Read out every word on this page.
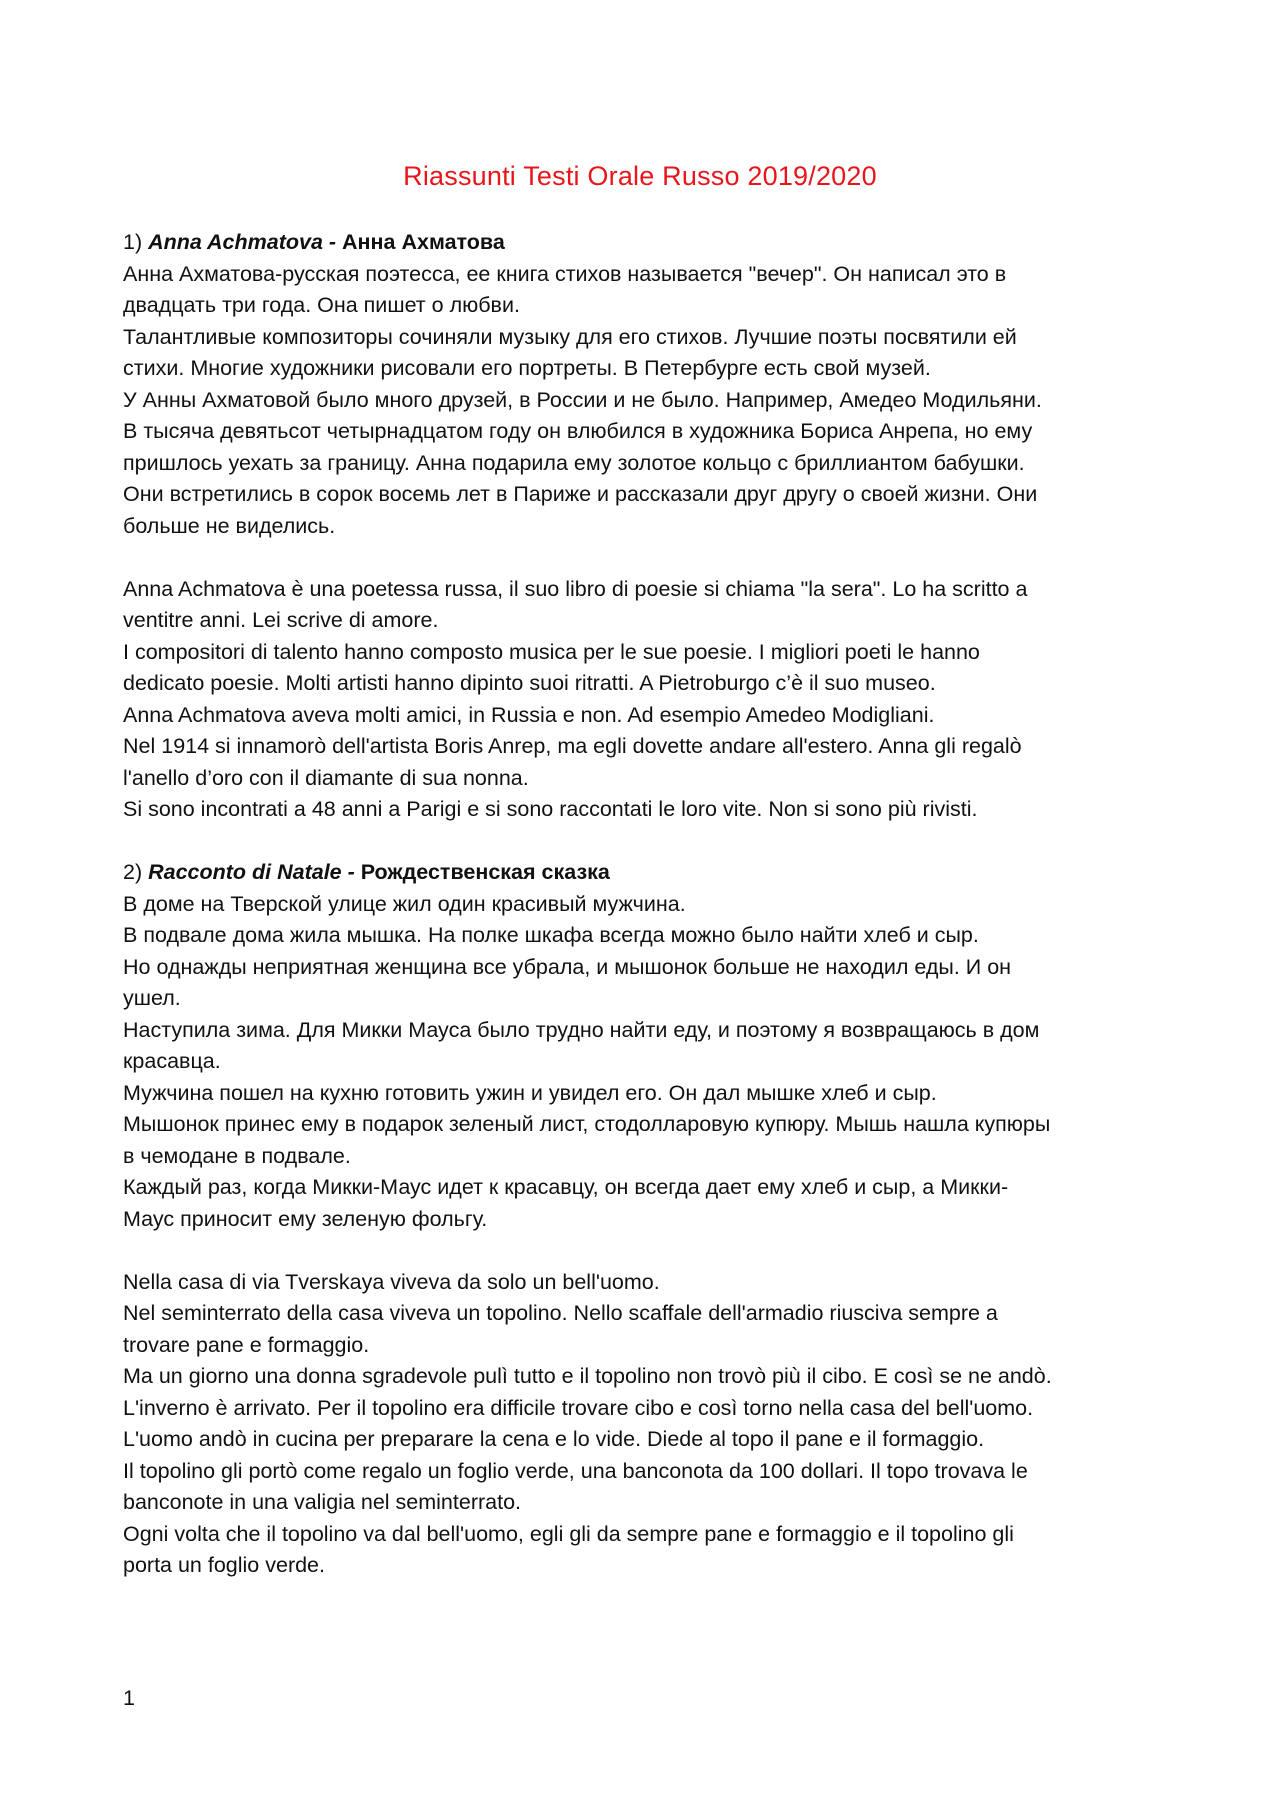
Riassunti Testi Orale Russo 2019/2020
1) Anna Achmatova - Анна Ахматова
Анна Ахматова-русская поэтесса, ее книга стихов называется "вечер". Он написал это в
двадцать три года. Она пишет о любви.
Талантливые композиторы сочиняли музыку для его стихов. Лучшие поэты посвятили ей
стихи. Многие художники рисовали его портреты. В Петербурге есть свой музей.
У Анны Ахматовой было много друзей, в России и не было. Например, Амедео Модильяни.
В тысяча девятьсот четырнадцатом году он влюбился в художника Бориса Анрепа, но ему
пришлось уехать за границу. Анна подарила ему золотое кольцо с бриллиантом бабушки.
Они встретились в сорок восемь лет в Париже и рассказали друг другу о своей жизни. Они
больше не виделись.
Anna Achmatova è una poetessa russa, il suo libro di poesie si chiama "la sera". Lo ha scritto a
ventitre anni. Lei scrive di amore.
I compositori di talento hanno composto musica per le sue poesie. I migliori poeti le hanno
dedicato poesie. Molti artisti hanno dipinto suoi ritratti. A Pietroburgo c’è il suo museo.
Anna Achmatova aveva molti amici, in Russia e non. Ad esempio Amedeo Modigliani.
Nel 1914 si innamorò dell'artista Boris Anrep, ma egli dovette andare all'estero. Anna gli regalò
l'anello d’oro con il diamante di sua nonna.
Si sono incontrati a 48 anni a Parigi e si sono raccontati le loro vite. Non si sono più rivisti.
2) Racconto di Natale - Рождественская сказка
В доме на Тверской улице жил один красивый мужчина.
В подвале дома жила мышка. На полке шкафа всегда можно было найти хлеб и сыр.
Но однажды неприятная женщина все убрала, и мышонок больше не находил еды. И он
ушел.
Наступила зима. Для Микки Мауса было трудно найти еду, и поэтому я возвращаюсь в дом
красавца.
Мужчина пошел на кухню готовить ужин и увидел его. Он дал мышке хлеб и сыр.
Мышонок принес ему в подарок зеленый лист, стодолларовую купюру. Мышь нашла купюры
в чемодане в подвале.
Каждый раз, когда Микки-Маус идет к красавцу, он всегда дает ему хлеб и сыр, а Микки-
Маус приносит ему зеленую фольгу.
Nella casa di via Tverskaya viveva da solo un bell'uomo.
Nel seminterrato della casa viveva un topolino. Nello scaffale dell'armadio riusciva sempre a
trovare pane e formaggio.
Ma un giorno una donna sgradevole pulì tutto e il topolino non trovò più il cibo. E così se ne andò.
L'inverno è arrivato. Per il topolino era difficile trovare cibo e così torno nella casa del bell'uomo.
L'uomo andò in cucina per preparare la cena e lo vide. Diede al topo il pane e il formaggio.
Il topolino gli portò come regalo un foglio verde, una banconota da 100 dollari. Il topo trovava le
banconote in una valigia nel seminterrato.
Ogni volta che il topolino va dal bell'uomo, egli gli da sempre pane e formaggio e il topolino gli
porta un foglio verde.
1
